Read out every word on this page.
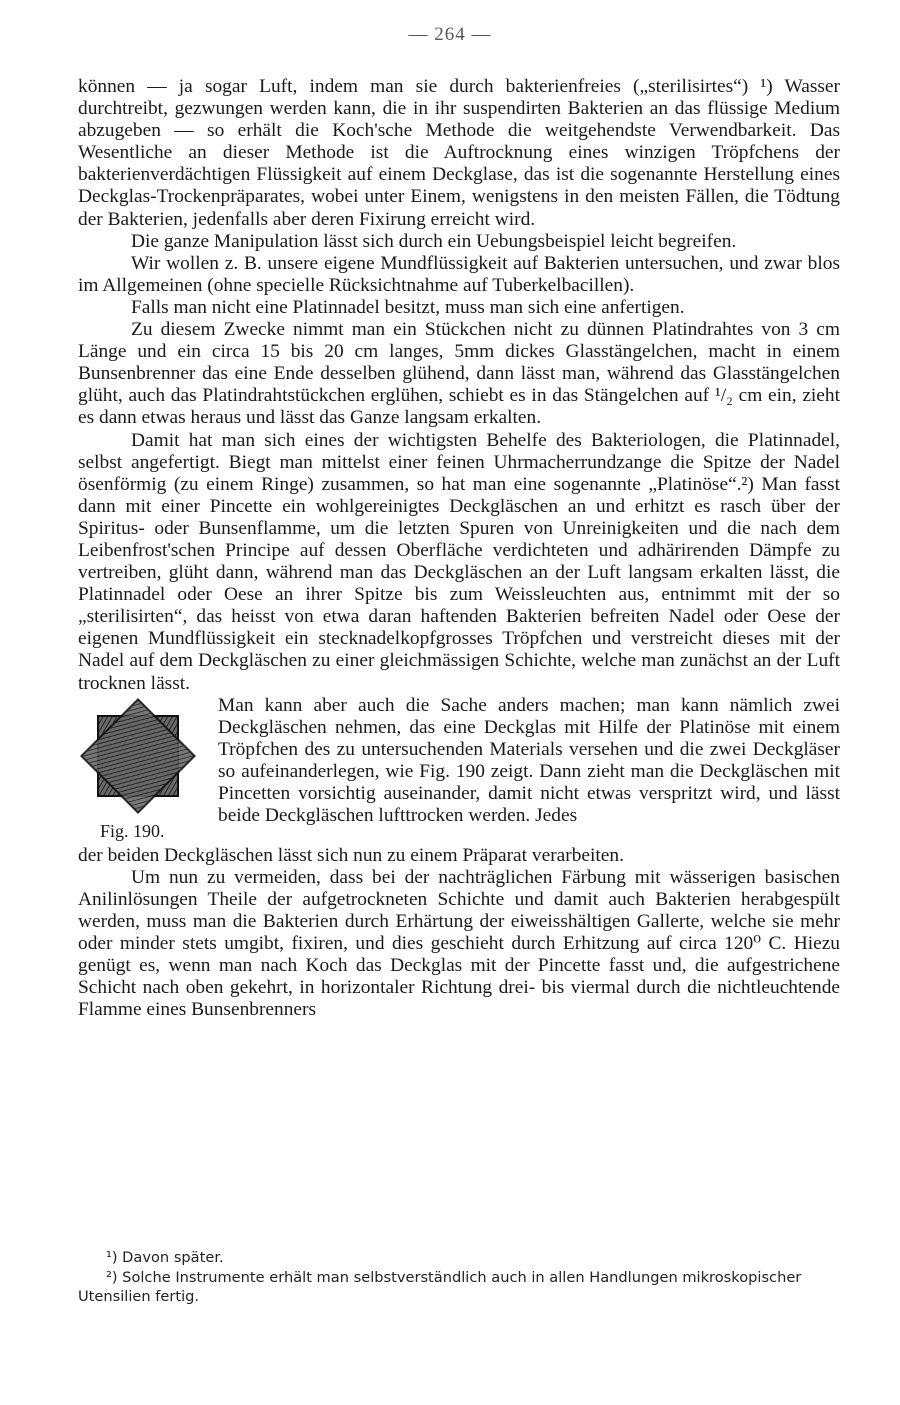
— 264 —

können — ja sogar Luft, indem man sie durch bakterienfreies („sterilisirtes“) ¹) Wasser durchtreibt, gezwungen werden kann, die in ihr suspendirten Bakterien an das flüssige Medium abzugeben — so erhält die Koch'sche Methode die weitgehendste Verwendbarkeit. Das Wesentliche an dieser Methode ist die Auftrocknung eines winzigen Tröpfchens der bakterienverdächtigen Flüssigkeit auf einem Deckglase, das ist die sogenannte Herstellung eines Deckglas-Trockenpräparates, wobei unter Einem, wenigstens in den meisten Fällen, die Tödtung der Bakterien, jedenfalls aber deren Fixirung erreicht wird.

Die ganze Manipulation lässt sich durch ein Uebungsbeispiel leicht begreifen.

Wir wollen z. B. unsere eigene Mundflüssigkeit auf Bakterien untersuchen, und zwar blos im Allgemeinen (ohne specielle Rücksichtnahme auf Tuberkelbacillen).

Falls man nicht eine Platinnadel besitzt, muss man sich eine anfertigen.

Zu diesem Zwecke nimmt man ein Stückchen nicht zu dünnen Platindrahtes von 3 cm Länge und ein circa 15 bis 20 cm langes, 5mm dickes Glasstängelchen, macht in einem Bunsenbrenner das eine Ende desselben glühend, dann lässt man, während das Glasstängelchen glüht, auch das Platindrahtstückchen erglühen, schiebt es in das Stängelchen auf ¹/₂ cm ein, zieht es dann etwas heraus und lässt das Ganze langsam erkalten.

Damit hat man sich eines der wichtigsten Behelfe des Bakteriologen, die Platinnadel, selbst angefertigt. Biegt man mittelst einer feinen Uhrmacherrundzange die Spitze der Nadel ösenförmig (zu einem Ringe) zusammen, so hat man eine sogenannte „Platinöse“.²) Man fasst dann mit einer Pincette ein wohlgereinigtes Deckgläschen an und erhitzt es rasch über der Spiritus- oder Bunsenflamme, um die letzten Spuren von Unreinigkeiten und die nach dem Leibenfrost'schen Principe auf dessen Oberfläche verdichteten und adhärirenden Dämpfe zu vertreiben, glüht dann, während man das Deckgläschen an der Luft langsam erkalten lässt, die Platinnadel oder Oese an ihrer Spitze bis zum Weissleuchten aus, entnimmt mit der so „sterilisirten“, das heisst von etwa daran haftenden Bakterien befreiten Nadel oder Oese der eigenen Mundflüssigkeit ein stecknadelkopfgrosses Tröpfchen und verstreicht dieses mit der Nadel auf dem Deckgläschen zu einer gleichmässigen Schichte, welche man zunächst an der Luft trocknen lässt.

Fig. 190.

Man kann aber auch die Sache anders machen; man kann nämlich zwei Deckgläschen nehmen, das eine Deckglas mit Hilfe der Platinöse mit einem Tröpfchen des zu untersuchenden Materials versehen und die zwei Deckgläser so aufeinanderlegen, wie Fig. 190 zeigt. Dann zieht man die Deckgläschen mit Pincetten vorsichtig auseinander, damit nicht etwas verspritzt wird, und lässt beide Deckgläschen lufttrocken werden. Jedes

der beiden Deckgläschen lässt sich nun zu einem Präparat verarbeiten.

Um nun zu vermeiden, dass bei der nachträglichen Färbung mit wässerigen basischen Anilinlösungen Theile der aufgetrockneten Schichte und damit auch Bakterien herabgespült werden, muss man die Bakterien durch Erhärtung der eiweisshältigen Gallerte, welche sie mehr oder minder stets umgibt, fixiren, und dies geschieht durch Erhitzung auf circa 120⁰ C. Hiezu genügt es, wenn man nach Koch das Deckglas mit der Pincette fasst und, die aufgestrichene Schicht nach oben gekehrt, in horizontaler Richtung drei- bis viermal durch die nichtleuchtende Flamme eines Bunsenbrenners

¹) Davon später.

²) Solche Instrumente erhält man selbstverständlich auch in allen Handlungen mikroskopischer Utensilien fertig.
